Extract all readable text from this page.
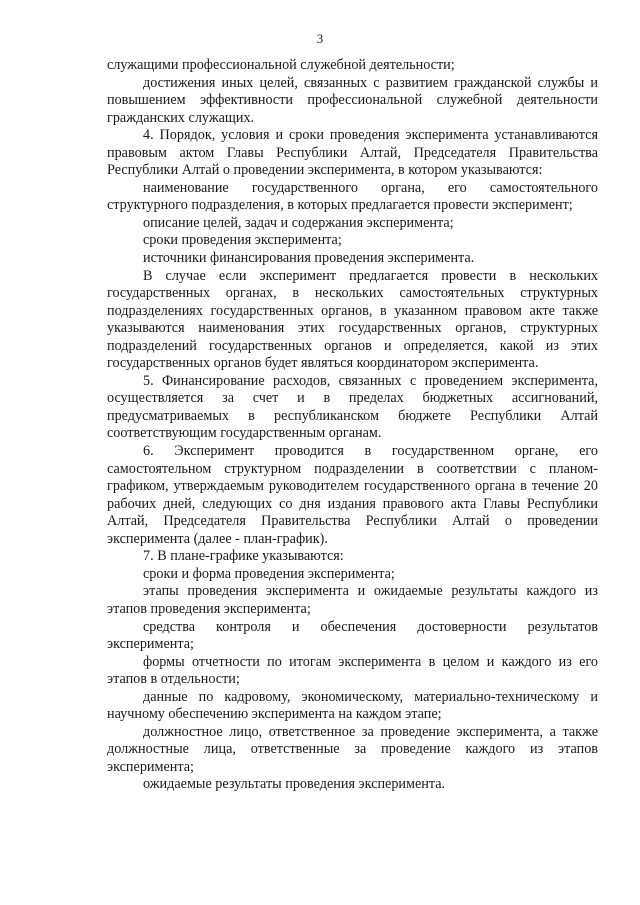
3

служащими профессиональной служебной деятельности;

достижения иных целей, связанных с развитием гражданской службы и повышением эффективности профессиональной служебной деятельности гражданских служащих.

4. Порядок, условия и сроки проведения эксперимента устанавливаются правовым актом Главы Республики Алтай, Председателя Правительства Республики Алтай о проведении эксперимента, в котором указываются:

наименование государственного органа, его самостоятельного структурного подразделения, в которых предлагается провести эксперимент;

описание целей, задач и содержания эксперимента;

сроки проведения эксперимента;

источники финансирования проведения эксперимента.

В случае если эксперимент предлагается провести в нескольких государственных органах, в нескольких самостоятельных структурных подразделениях государственных органов, в указанном правовом акте также указываются наименования этих государственных органов, структурных подразделений государственных органов и определяется, какой из этих государственных органов будет являться координатором эксперимента.

5. Финансирование расходов, связанных с проведением эксперимента, осуществляется за счет и в пределах бюджетных ассигнований, предусматриваемых в республиканском бюджете Республики Алтай соответствующим государственным органам.

6. Эксперимент проводится в государственном органе, его самостоятельном структурном подразделении в соответствии с планом-графиком, утверждаемым руководителем государственного органа в течение 20 рабочих дней, следующих со дня издания правового акта Главы Республики Алтай, Председателя Правительства Республики Алтай о проведении эксперимента (далее - план-график).

7. В плане-графике указываются:

сроки и форма проведения эксперимента;

этапы проведения эксперимента и ожидаемые результаты каждого из этапов проведения эксперимента;

средства контроля и обеспечения достоверности результатов эксперимента;

формы отчетности по итогам эксперимента в целом и каждого из его этапов в отдельности;

данные по кадровому, экономическому, материально-техническому и научному обеспечению эксперимента на каждом этапе;

должностное лицо, ответственное за проведение эксперимента, а также должностные лица, ответственные за проведение каждого из этапов эксперимента;

ожидаемые результаты проведения эксперимента.
